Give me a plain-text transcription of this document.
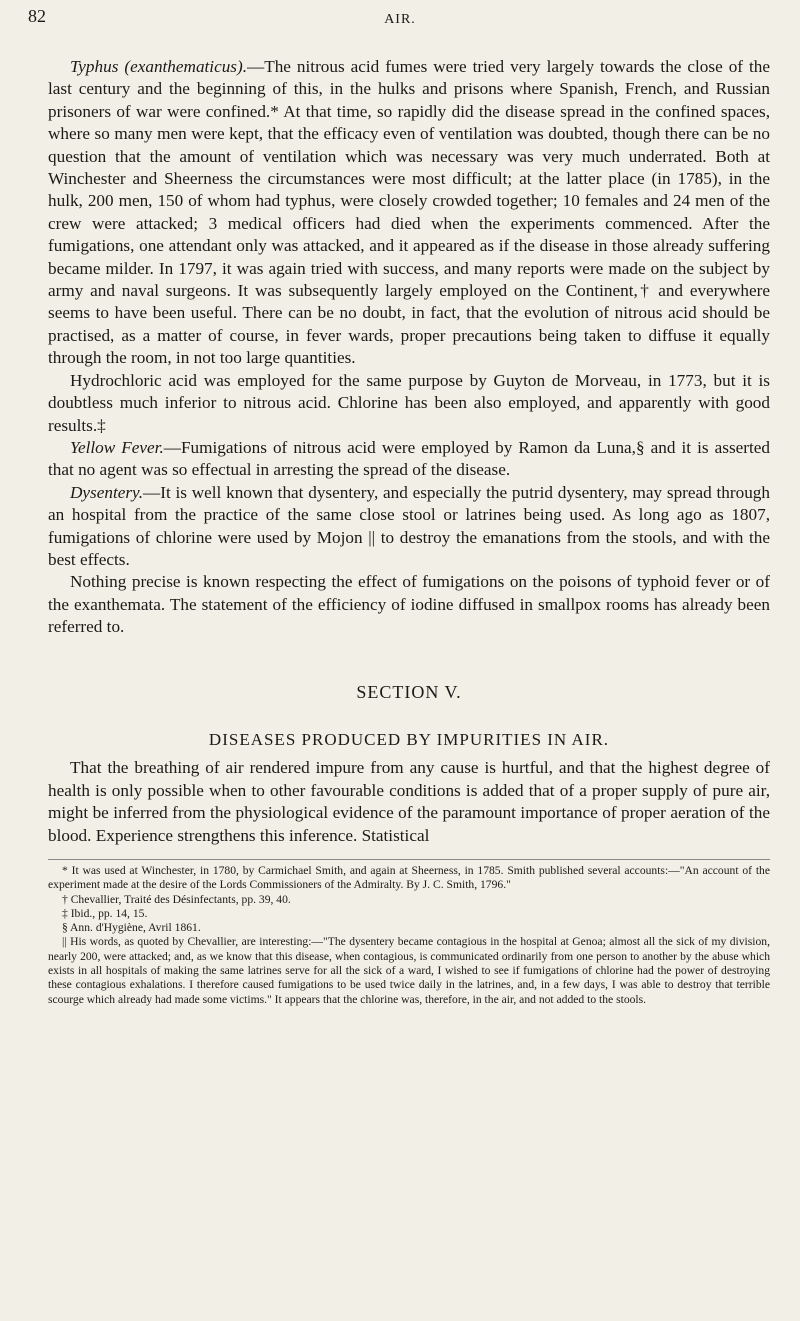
82	AIR.

Typhus (exanthematicus).—The nitrous acid fumes were tried very largely towards the close of the last century and the beginning of this, in the hulks and prisons where Spanish, French, and Russian prisoners of war were confined.* At that time, so rapidly did the disease spread in the confined spaces, where so many men were kept, that the efficacy even of ventilation was doubted, though there can be no question that the amount of ventilation which was necessary was very much underrated. Both at Winchester and Sheerness the circumstances were most difficult; at the latter place (in 1785), in the hulk, 200 men, 150 of whom had typhus, were closely crowded together; 10 females and 24 men of the crew were attacked; 3 medical officers had died when the experiments commenced. After the fumigations, one attendant only was attacked, and it appeared as if the disease in those already suffering became milder. In 1797, it was again tried with success, and many reports were made on the subject by army and naval surgeons. It was subsequently largely employed on the Continent,† and everywhere seems to have been useful. There can be no doubt, in fact, that the evolution of nitrous acid should be practised, as a matter of course, in fever wards, proper precautions being taken to diffuse it equally through the room, in not too large quantities.

Hydrochloric acid was employed for the same purpose by Guyton de Morveau, in 1773, but it is doubtless much inferior to nitrous acid. Chlorine has been also employed, and apparently with good results.‡

Yellow Fever.—Fumigations of nitrous acid were employed by Ramon da Luna,§ and it is asserted that no agent was so effectual in arresting the spread of the disease.

Dysentery.—It is well known that dysentery, and especially the putrid dysentery, may spread through an hospital from the practice of the same close stool or latrines being used. As long ago as 1807, fumigations of chlorine were used by Mojon || to destroy the emanations from the stools, and with the best effects.

Nothing precise is known respecting the effect of fumigations on the poisons of typhoid fever or of the exanthemata. The statement of the efficiency of iodine diffused in smallpox rooms has already been referred to.

SECTION V.
DISEASES PRODUCED BY IMPURITIES IN AIR.

That the breathing of air rendered impure from any cause is hurtful, and that the highest degree of health is only possible when to other favourable conditions is added that of a proper supply of pure air, might be inferred from the physiological evidence of the paramount importance of proper aeration of the blood. Experience strengthens this inference. Statistical

* It was used at Winchester, in 1780, by Carmichael Smith, and again at Sheerness, in 1785. Smith published several accounts:—"An account of the experiment made at the desire of the Lords Commissioners of the Admiralty. By J. C. Smith, 1796."

† Chevallier, Traité des Désinfectants, pp. 39, 40.

‡ Ibid., pp. 14, 15.

§ Ann. d'Hygiène, Avril 1861.

|| His words, as quoted by Chevallier, are interesting:—"The dysentery became contagious in the hospital at Genoa; almost all the sick of my division, nearly 200, were attacked; and, as we know that this disease, when contagious, is communicated ordinarily from one person to another by the abuse which exists in all hospitals of making the same latrines serve for all the sick of a ward, I wished to see if fumigations of chlorine had the power of destroying these contagious exhalations. I therefore caused fumigations to be used twice daily in the latrines, and, in a few days, I was able to destroy that terrible scourge which already had made some victims." It appears that the chlorine was, therefore, in the air, and not added to the stools.
